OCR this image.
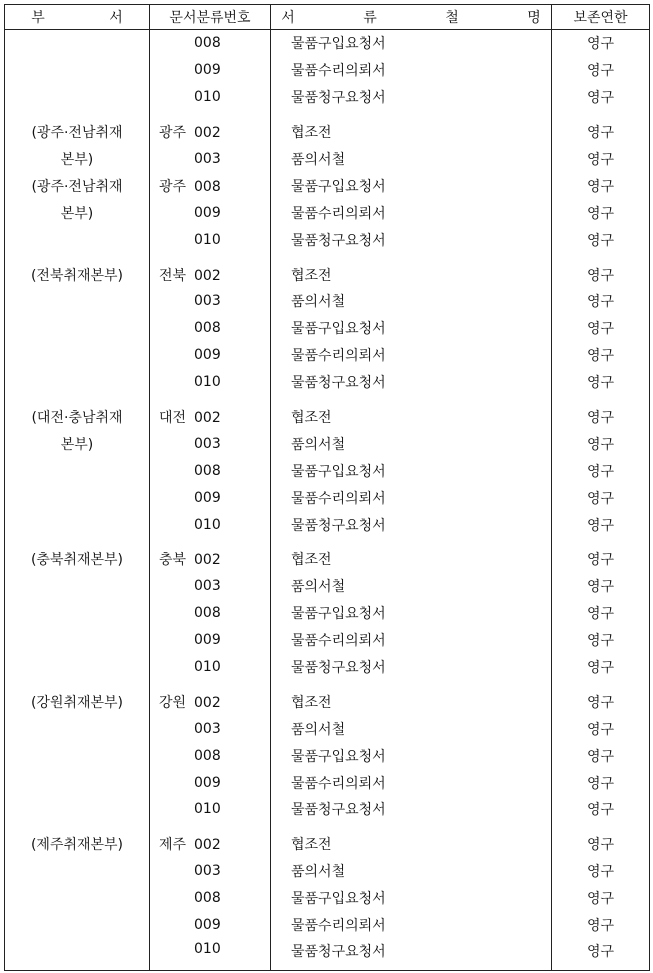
부 서	문서분류번호	서 류 철 명	보존연한
	008	물품구입요청서	영구
	009	물품수리의뢰서	영구
	010	물품청구요청서	영구

(광주·전남취재	광주 002	협조전	영구
본부)	003	품의서철	영구
(광주·전남취재	광주 008	물품구입요청서	영구
본부)	009	물품수리의뢰서	영구
	010	물품청구요청서	영구

(전북취재본부)	전북 002	협조전	영구
	003	품의서철	영구
	008	물품구입요청서	영구
	009	물품수리의뢰서	영구
	010	물품청구요청서	영구

(대전·충남취재	대전 002	협조전	영구
본부)	003	품의서철	영구
	008	물품구입요청서	영구
	009	물품수리의뢰서	영구
	010	물품청구요청서	영구

(충북취재본부)	충북 002	협조전	영구
	003	품의서철	영구
	008	물품구입요청서	영구
	009	물품수리의뢰서	영구
	010	물품청구요청서	영구

(강원취재본부)	강원 002	협조전	영구
	003	품의서철	영구
	008	물품구입요청서	영구
	009	물품수리의뢰서	영구
	010	물품청구요청서	영구

(제주취재본부)	제주 002	협조전	영구
	003	품의서철	영구
	008	물품구입요청서	영구
	009	물품수리의뢰서	영구
	010	물품청구요청서	영구
